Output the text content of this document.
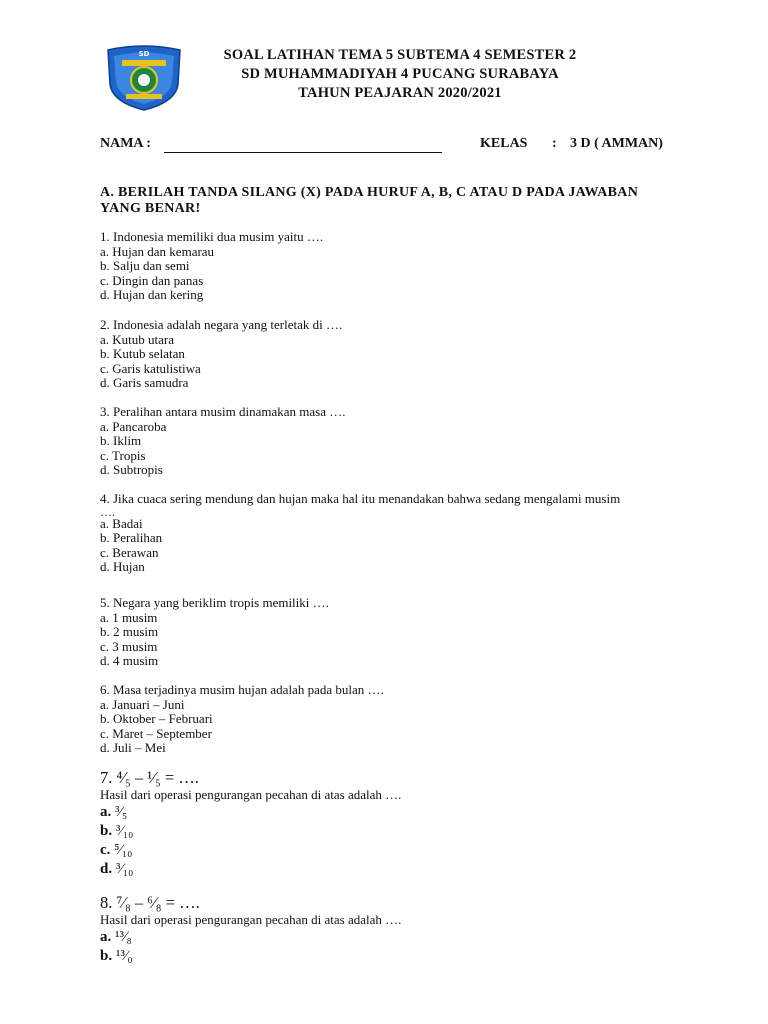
SD	SOAL LATIHAN TEMA 5 SUBTEMA 4 SEMESTER 2
SD MUHAMMADIYAH 4 PUCANG SURABAYA
TAHUN PEAJARAN 2020/2021
NAMA :	KELAS : 3 D ( AMMAN)
A. BERILAH TANDA SILANG (X) PADA HURUF A, B, C ATAU D PADA JAWABAN
YANG BENAR!
1. Indonesia memiliki dua musim yaitu ….
a. Hujan dan kemarau
b. Salju dan semi
c. Dingin dan panas
d. Hujan dan kering
2. Indonesia adalah negara yang terletak di ….
a. Kutub utara
b. Kutub selatan
c. Garis katulistiwa
d. Garis samudra
3. Peralihan antara musim dinamakan masa ….
a. Pancaroba
b. Iklim
c. Tropis
d. Subtropis
4. Jika cuaca sering mendung dan hujan maka hal itu menandakan bahwa sedang mengalami musim
….
a. Badai
b. Peralihan
c. Berawan
d. Hujan
5. Negara yang beriklim tropis memiliki ….
a. 1 musim
b. 2 musim
c. 3 musim
d. 4 musim
6. Masa terjadinya musim hujan adalah pada bulan ….
a. Januari – Juni
b. Oktober – Februari
c. Maret – September
d. Juli – Mei
7. ⁴⁄₅ – ¹⁄₅ = ….
Hasil dari operasi pengurangan pecahan di atas adalah ….
a. ³⁄₅
b. ³⁄₁₀
c. ⁵⁄₁₀
d. ³⁄₁₀
8. ⁷⁄₈ – ⁶⁄₈ = ….
Hasil dari operasi pengurangan pecahan di atas adalah ….
a. ¹³⁄₈
b. ¹³⁄₀
